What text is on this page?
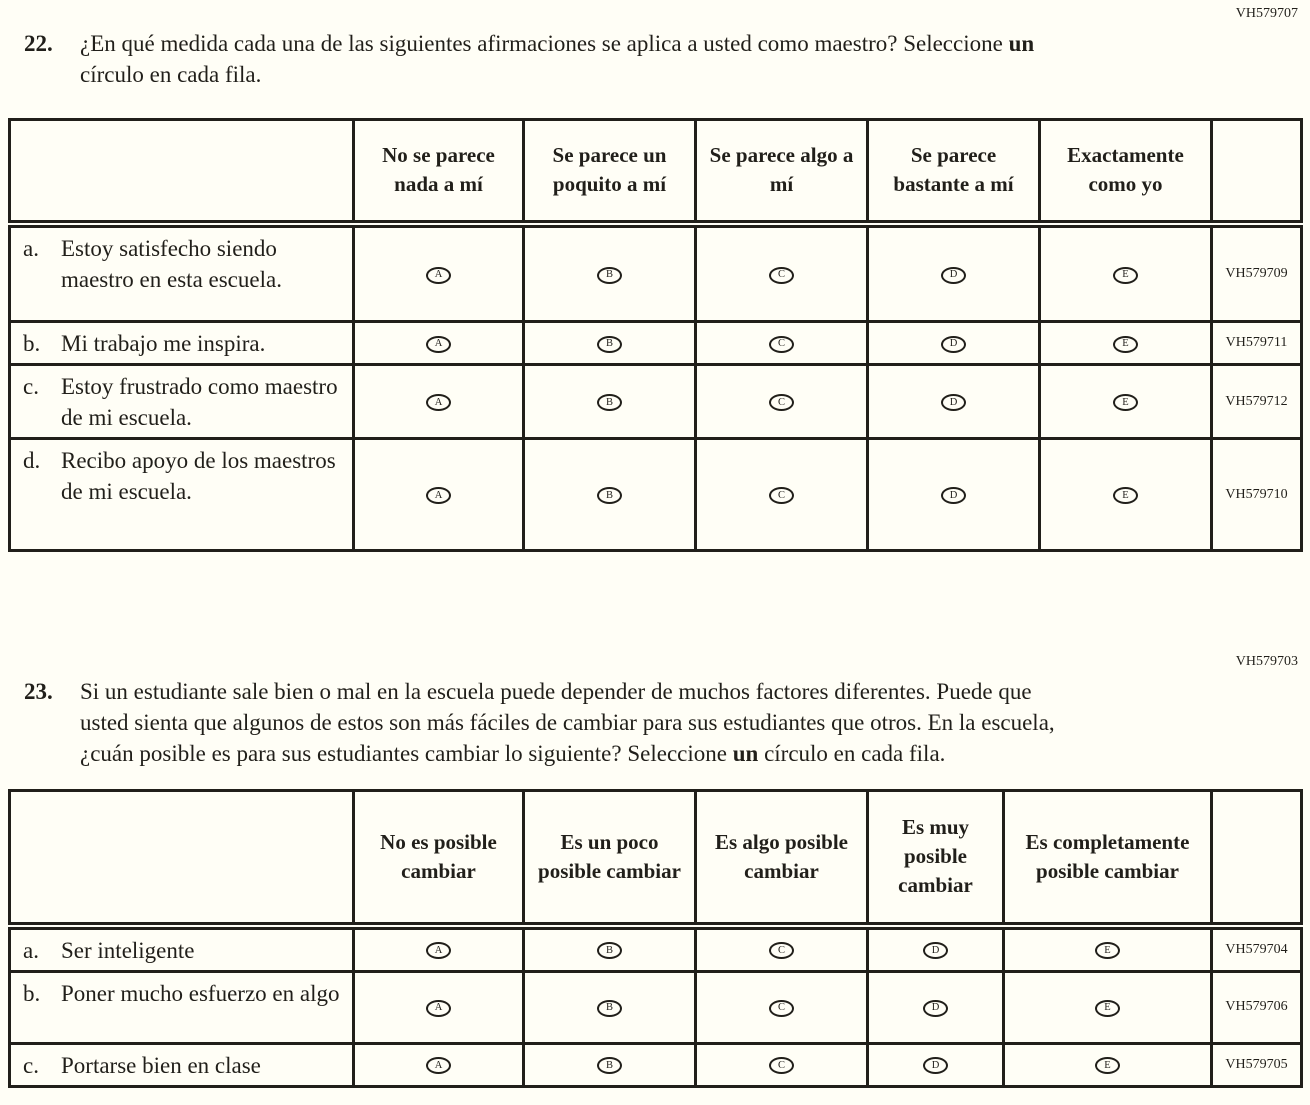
VH579707
22.	¿En qué medida cada una de las siguientes afirmaciones se aplica a usted como maestro? Seleccione un círculo en cada fila.
	No se parece nada a mí	Se parece un poquito a mí	Se parece algo a mí	Se parece bastante a mí	Exactamente como yo	

a. Estoy satisfecho siendo maestro en esta escuela.	A	B	C	D	E	VH579709

b. Mi trabajo me inspira.	A	B	C	D	E	VH579711

c. Estoy frustrado como maestro de mi escuela.	A	B	C	D	E	VH579712

d. Recibo apoyo de los maestros de mi escuela.	A	B	C	D	E	VH579710
VH579703
23.	Si un estudiante sale bien o mal en la escuela puede depender de muchos factores diferentes. Puede que usted sienta que algunos de estos son más fáciles de cambiar para sus estudiantes que otros. En la escuela, ¿cuán posible es para sus estudiantes cambiar lo siguiente? Seleccione un círculo en cada fila.
	No es posible cambiar	Es un poco posible cambiar	Es algo posible cambiar	Es muy posible cambiar	Es completamente posible cambiar	

a. Ser inteligente	A	B	C	D	E	VH579704

b. Poner mucho esfuerzo en algo	A	B	C	D	E	VH579706

c. Portarse bien en clase	A	B	C	D	E	VH579705
